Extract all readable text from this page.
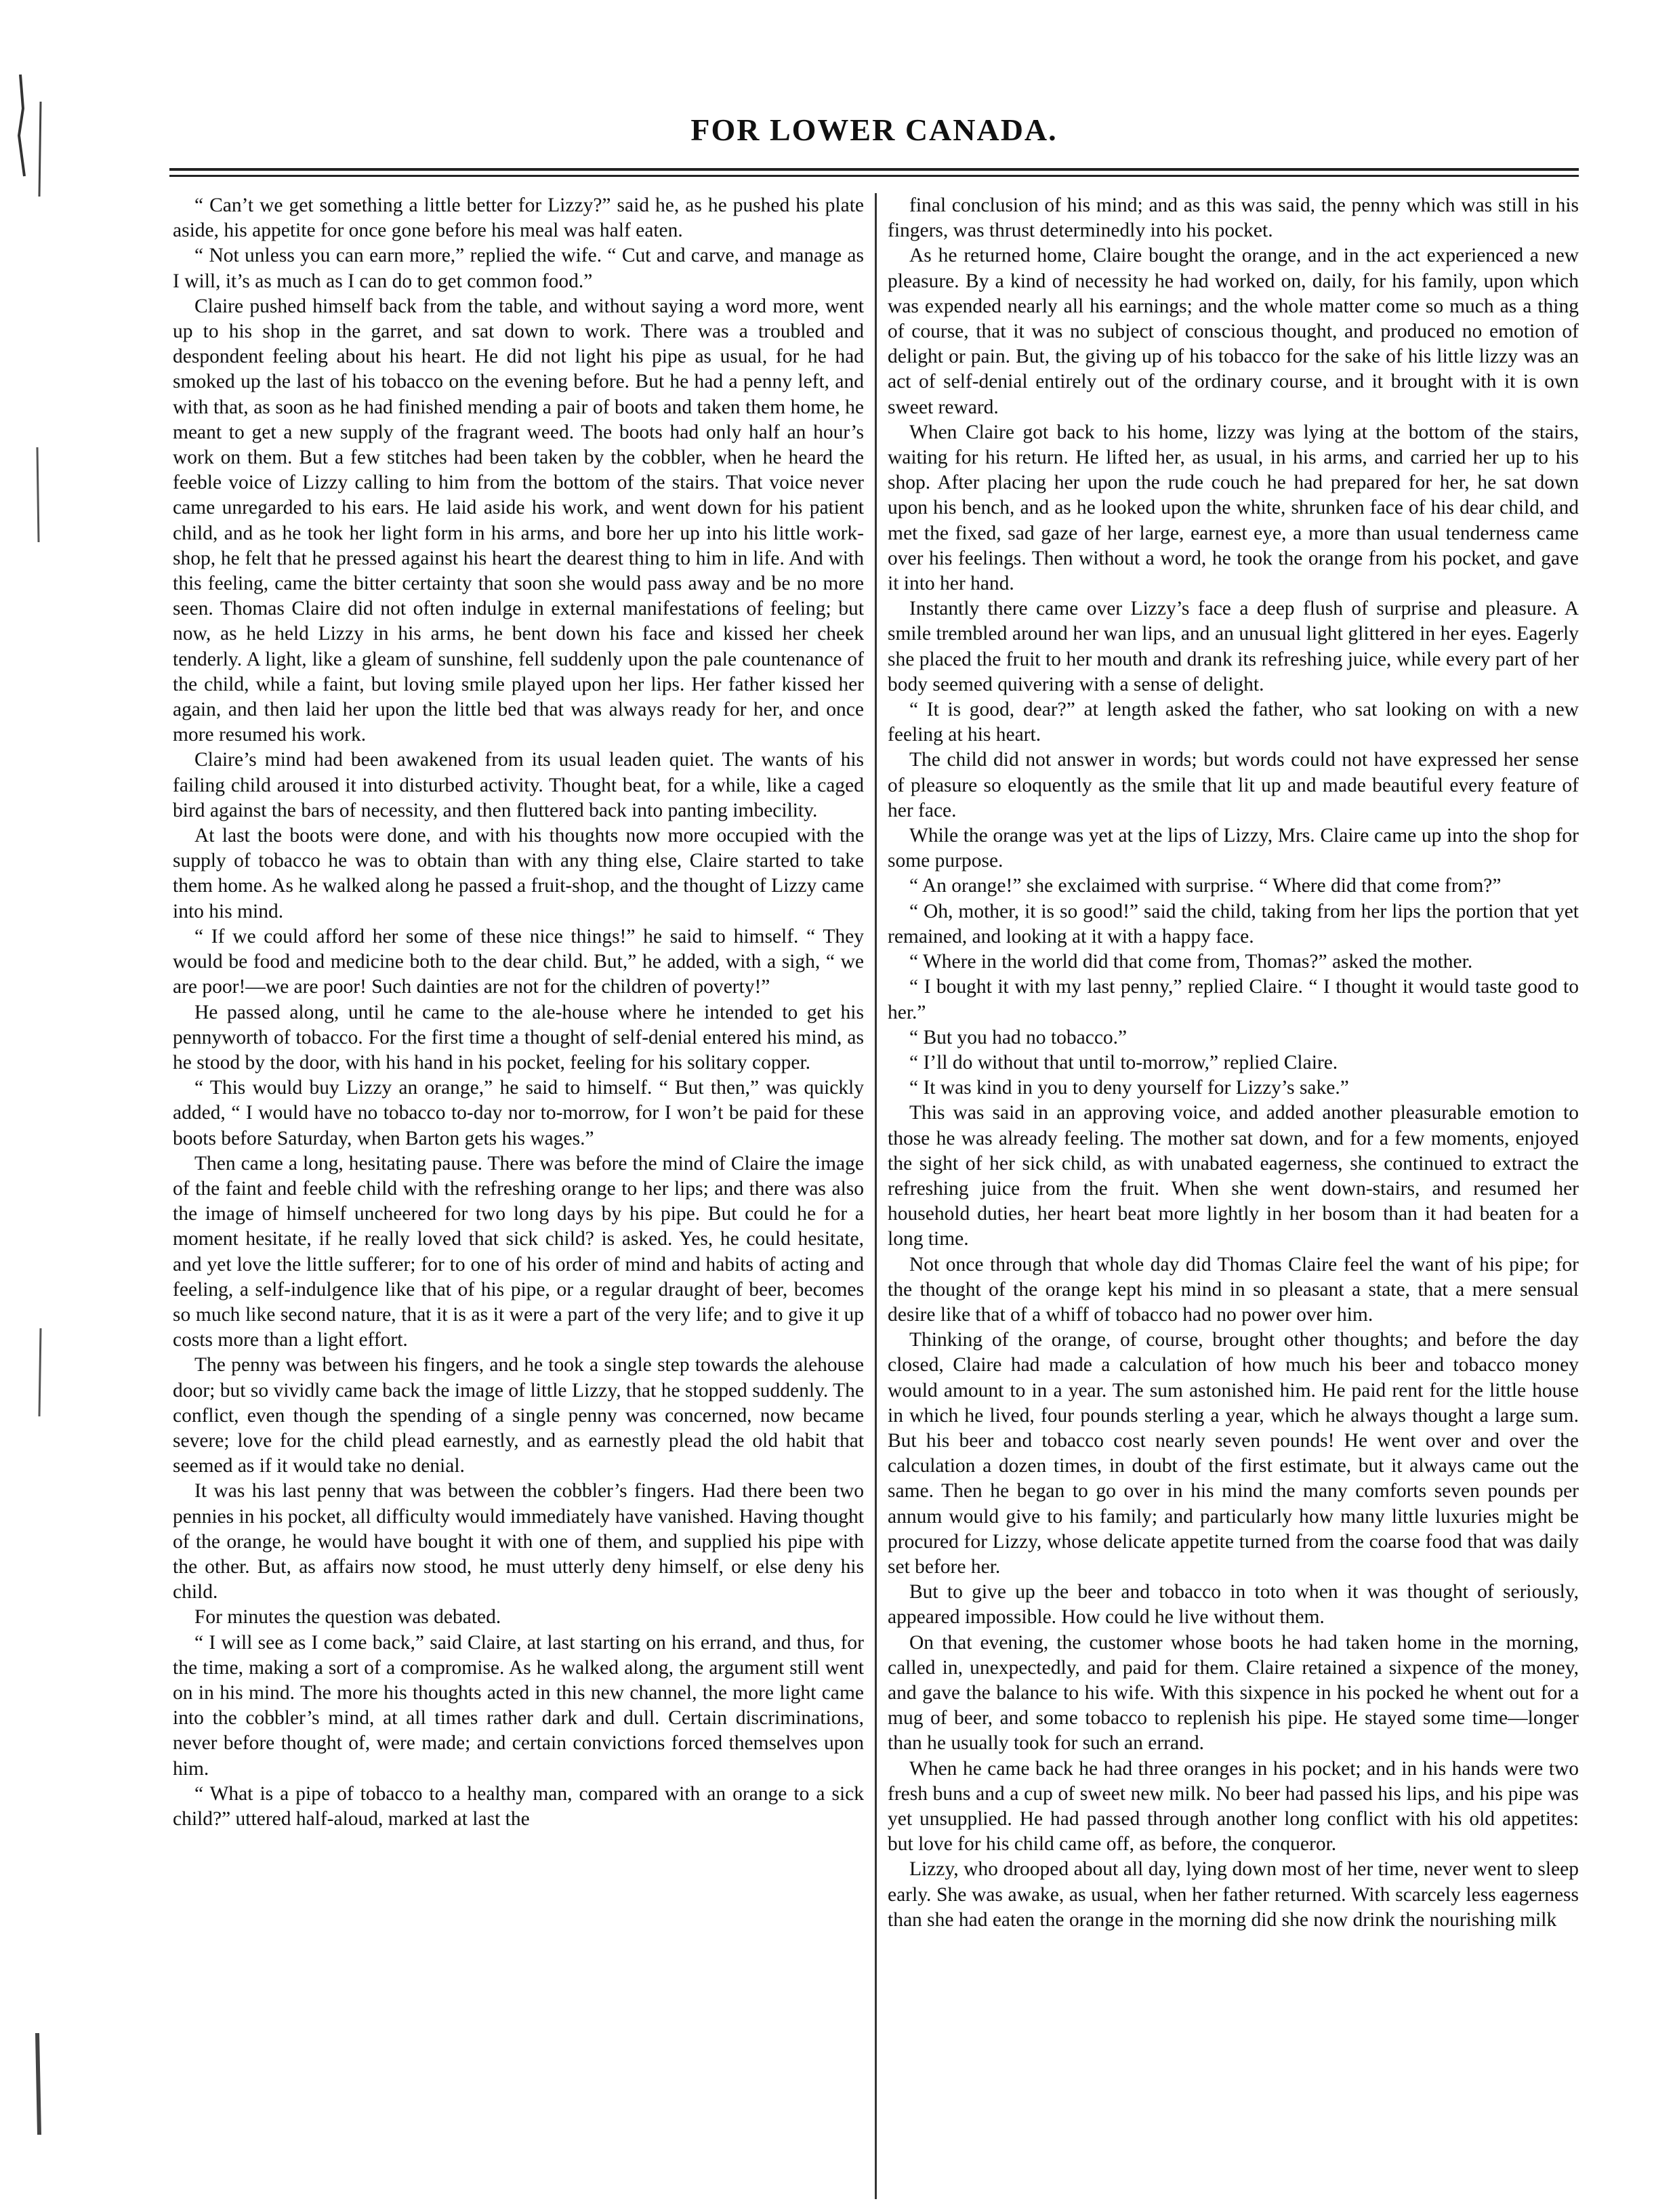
FOR LOWER CANADA.

“ Can’t we get something a little better for Lizzy?” said he, as he pushed his plate aside, his appetite for once gone before his meal was half eaten.

“ Not unless you can earn more,” replied the wife. “ Cut and carve, and manage as I will, it’s as much as I can do to get common food.”

Claire pushed himself back from the table, and without saying a word more, went up to his shop in the garret, and sat down to work. There was a troubled and despondent feeling about his heart. He did not light his pipe as usual, for he had smoked up the last of his tobacco on the evening before. But he had a penny left, and with that, as soon as he had finished mending a pair of boots and taken them home, he meant to get a new supply of the fragrant weed. The boots had only half an hour’s work on them. But a few stitches had been taken by the cobbler, when he heard the feeble voice of Lizzy calling to him from the bottom of the stairs. That voice never came unregarded to his ears. He laid aside his work, and went down for his patient child, and as he took her light form in his arms, and bore her up into his little work-shop, he felt that he pressed against his heart the dearest thing to him in life. And with this feeling, came the bitter certainty that soon she would pass away and be no more seen. Thomas Claire did not often indulge in external manifestations of feeling; but now, as he held Lizzy in his arms, he bent down his face and kissed her cheek tenderly. A light, like a gleam of sunshine, fell suddenly upon the pale countenance of the child, while a faint, but loving smile played upon her lips. Her father kissed her again, and then laid her upon the little bed that was always ready for her, and once more resumed his work.

Claire’s mind had been awakened from its usual leaden quiet. The wants of his failing child aroused it into disturbed activity. Thought beat, for a while, like a caged bird against the bars of necessity, and then fluttered back into panting imbecility.

At last the boots were done, and with his thoughts now more occupied with the supply of tobacco he was to obtain than with any thing else, Claire started to take them home. As he walked along he passed a fruit-shop, and the thought of Lizzy came into his mind.

“ If we could afford her some of these nice things!” he said to himself. “ They would be food and medicine both to the dear child. But,” he added, with a sigh, “ we are poor!—we are poor! Such dainties are not for the children of poverty!”

He passed along, until he came to the ale-house where he intended to get his pennyworth of tobacco. For the first time a thought of self-denial entered his mind, as he stood by the door, with his hand in his pocket, feeling for his solitary copper.

“ This would buy Lizzy an orange,” he said to himself. “ But then,” was quickly added, “ I would have no tobacco to-day nor to-morrow, for I won’t be paid for these boots before Saturday, when Barton gets his wages.”

Then came a long, hesitating pause. There was before the mind of Claire the image of the faint and feeble child with the refreshing orange to her lips; and there was also the image of himself uncheered for two long days by his pipe. But could he for a moment hesitate, if he really loved that sick child? is asked. Yes, he could hesitate, and yet love the little sufferer; for to one of his order of mind and habits of acting and feeling, a self-indulgence like that of his pipe, or a regular draught of beer, becomes so much like second nature, that it is as it were a part of the very life; and to give it up costs more than a light effort.

The penny was between his fingers, and he took a single step towards the alehouse door; but so vividly came back the image of little Lizzy, that he stopped suddenly. The conflict, even though the spending of a single penny was concerned, now became severe; love for the child plead earnestly, and as earnestly plead the old habit that seemed as if it would take no denial.

It was his last penny that was between the cobbler’s fingers. Had there been two pennies in his pocket, all difficulty would immediately have vanished. Having thought of the orange, he would have bought it with one of them, and supplied his pipe with the other. But, as affairs now stood, he must utterly deny himself, or else deny his child.

For minutes the question was debated.

“ I will see as I come back,” said Claire, at last starting on his errand, and thus, for the time, making a sort of a compromise. As he walked along, the argument still went on in his mind. The more his thoughts acted in this new channel, the more light came into the cobbler’s mind, at all times rather dark and dull. Certain discriminations, never before thought of, were made; and certain convictions forced themselves upon him.

“ What is a pipe of tobacco to a healthy man, compared with an orange to a sick child?” uttered half-aloud, marked at last the

final conclusion of his mind; and as this was said, the penny which was still in his fingers, was thrust determinedly into his pocket.

As he returned home, Claire bought the orange, and in the act experienced a new pleasure. By a kind of necessity he had worked on, daily, for his family, upon which was expended nearly all his earnings; and the whole matter come so much as a thing of course, that it was no subject of conscious thought, and produced no emotion of delight or pain. But, the giving up of his tobacco for the sake of his little lizzy was an act of self-denial entirely out of the ordinary course, and it brought with it is own sweet reward.

When Claire got back to his home, lizzy was lying at the bottom of the stairs, waiting for his return. He lifted her, as usual, in his arms, and carried her up to his shop. After placing her upon the rude couch he had prepared for her, he sat down upon his bench, and as he looked upon the white, shrunken face of his dear child, and met the fixed, sad gaze of her large, earnest eye, a more than usual tenderness came over his feelings. Then without a word, he took the orange from his pocket, and gave it into her hand.

Instantly there came over Lizzy’s face a deep flush of surprise and pleasure. A smile trembled around her wan lips, and an unusual light glittered in her eyes. Eagerly she placed the fruit to her mouth and drank its refreshing juice, while every part of her body seemed quivering with a sense of delight.

“ It is good, dear?” at length asked the father, who sat looking on with a new feeling at his heart.

The child did not answer in words; but words could not have expressed her sense of pleasure so eloquently as the smile that lit up and made beautiful every feature of her face.

While the orange was yet at the lips of Lizzy, Mrs. Claire came up into the shop for some purpose.

“ An orange!” she exclaimed with surprise. “ Where did that come from?”

“ Oh, mother, it is so good!” said the child, taking from her lips the portion that yet remained, and looking at it with a happy face.

“ Where in the world did that come from, Thomas?” asked the mother.

“ I bought it with my last penny,” replied Claire. “ I thought it would taste good to her.”

“ But you had no tobacco.”

“ I’ll do without that until to-morrow,” replied Claire.

“ It was kind in you to deny yourself for Lizzy’s sake.”

This was said in an approving voice, and added another pleasurable emotion to those he was already feeling. The mother sat down, and for a few moments, enjoyed the sight of her sick child, as with unabated eagerness, she continued to extract the refreshing juice from the fruit. When she went down-stairs, and resumed her household duties, her heart beat more lightly in her bosom than it had beaten for a long time.

Not once through that whole day did Thomas Claire feel the want of his pipe; for the thought of the orange kept his mind in so pleasant a state, that a mere sensual desire like that of a whiff of tobacco had no power over him.

Thinking of the orange, of course, brought other thoughts; and before the day closed, Claire had made a calculation of how much his beer and tobacco money would amount to in a year. The sum astonished him. He paid rent for the little house in which he lived, four pounds sterling a year, which he always thought a large sum. But his beer and tobacco cost nearly seven pounds! He went over and over the calculation a dozen times, in doubt of the first estimate, but it always came out the same. Then he began to go over in his mind the many comforts seven pounds per annum would give to his family; and particularly how many little luxuries might be procured for Lizzy, whose delicate appetite turned from the coarse food that was daily set before her.

But to give up the beer and tobacco in toto when it was thought of seriously, appeared impossible. How could he live without them.

On that evening, the customer whose boots he had taken home in the morning, called in, unexpectedly, and paid for them. Claire retained a sixpence of the money, and gave the balance to his wife. With this sixpence in his pocked he whent out for a mug of beer, and some tobacco to replenish his pipe. He stayed some time—longer than he usually took for such an errand.

When he came back he had three oranges in his pocket; and in his hands were two fresh buns and a cup of sweet new milk. No beer had passed his lips, and his pipe was yet unsupplied. He had passed through another long conflict with his old appetites: but love for his child came off, as before, the conqueror.

Lizzy, who drooped about all day, lying down most of her time, never went to sleep early. She was awake, as usual, when her father returned. With scarcely less eagerness than she had eaten the orange in the morning did she now drink the nourishing milk
